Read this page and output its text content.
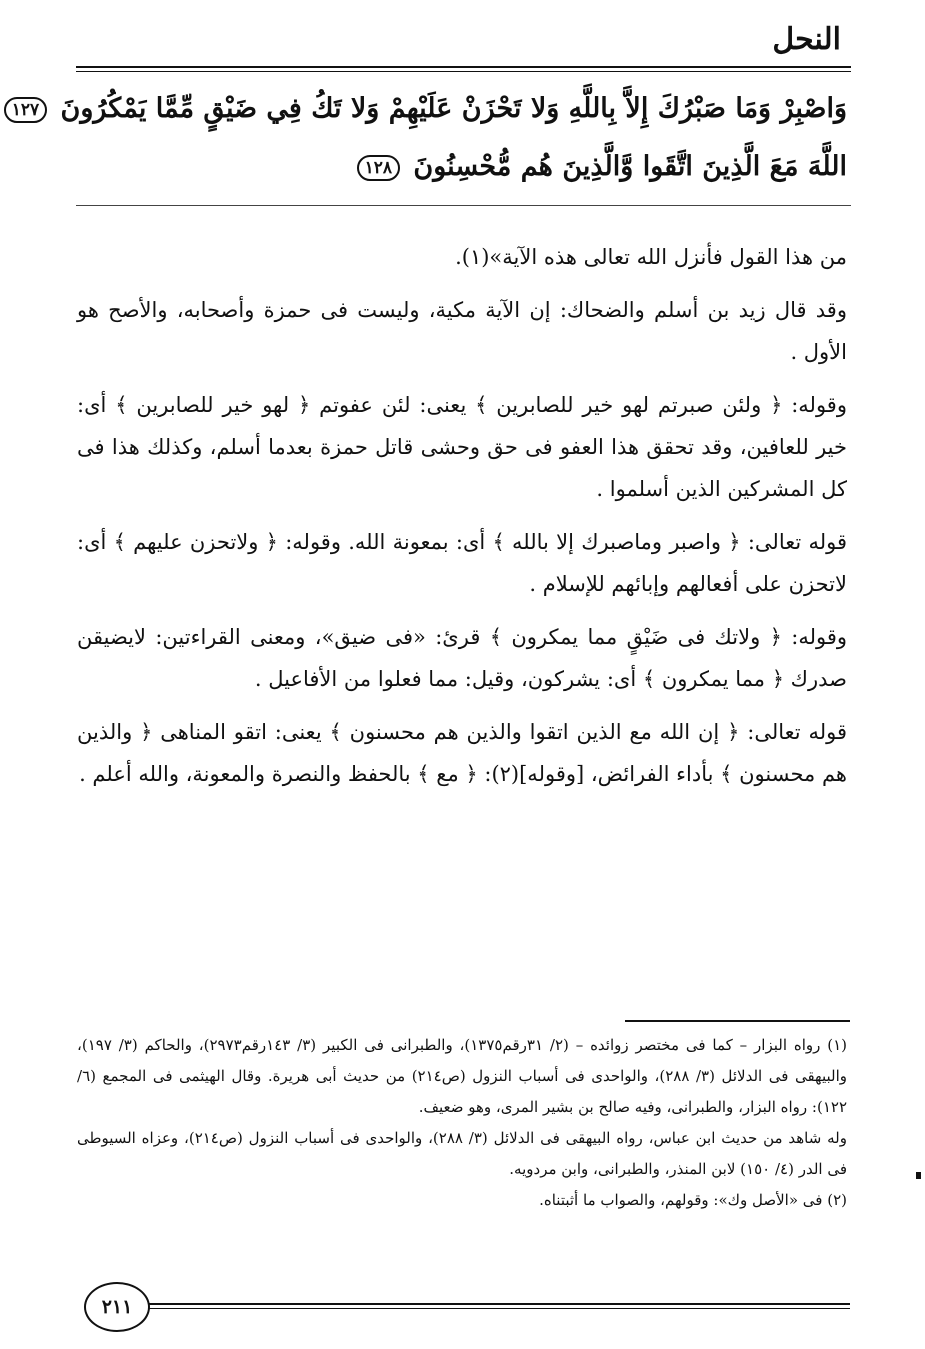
النحل
وَاصْبِرْ وَمَا صَبْرُكَ إِلاَّ بِاللَّهِ وَلا تَحْزَنْ عَلَيْهِمْ وَلا تَكُ فِي ضَيْقٍ مِّمَّا يَمْكُرُونَ ١٢٧
اللَّهَ مَعَ الَّذِينَ اتَّقَوا وَّالَّذِينَ هُم مُّحْسِنُونَ ١٢٨

من هذا القول فأنزل الله تعالى هذه الآية»(١).

وقد قال زيد بن أسلم والضحاك: إن الآية مكية، وليست فى حمزة وأصحابه، والأصح هو الأول .

وقوله: ﴿ ولئن صبرتم لهو خير للصابرين ﴾ يعنى: لئن عفوتم ﴿ لهو خير للصابرين ﴾ أى: خير للعافين، وقد تحقق هذا العفو فى حق وحشى قاتل حمزة بعدما أسلم، وكذلك هذا فى كل المشركين الذين أسلموا .

قوله تعالى: ﴿ واصبر وماصبرك إلا بالله ﴾ أى: بمعونة الله. وقوله: ﴿ ولاتحزن عليهم ﴾ أى: لاتحزن على أفعالهم وإبائهم للإسلام .

وقوله: ﴿ ولاتك فى ضَيْقٍ مما يمكرون ﴾ قرئ: «فى ضيق»، ومعنى القراءتين: لايضيقن صدرك ﴿ مما يمكرون ﴾ أى: يشركون، وقيل: مما فعلوا من الأفاعيل .

قوله تعالى: ﴿ إن الله مع الذين اتقوا والذين هم محسنون ﴾ يعنى: اتقو المناهى ﴿ والذين هم محسنون ﴾ بأداء الفرائض، [وقوله](٢): ﴿ مع ﴾ بالحفظ والنصرة والمعونة، والله أعلم .

(١) رواه البزار – كما فى مختصر زوائده – (٢/ ٣١رقم١٣٧٥)، والطبرانى فى الكبير (٣/ ١٤٣رقم٢٩٧٣)، والحاكم (٣/ ١٩٧)، والبيهقى فى الدلائل (٣/ ٢٨٨)، والواحدى فى أسباب النزول (ص٢١٤) من حديث أبى هريرة. وقال الهيثمى فى المجمع (٦/ ١٢٢): رواه البزار، والطبرانى، وفيه صالح بن بشير المرى، وهو ضعيف.

وله شاهد من حديث ابن عباس، رواه البيهقى فى الدلائل (٣/ ٢٨٨)، والواحدى فى أسباب النزول (ص٢١٤)، وعزاه السيوطى فى الدر (٤/ ١٥٠) لابن المنذر، والطبرانى، وابن مردويه.

(٢) فى «الأصل وك»: وقولهم، والصواب ما أثبتناه.

٢١١
